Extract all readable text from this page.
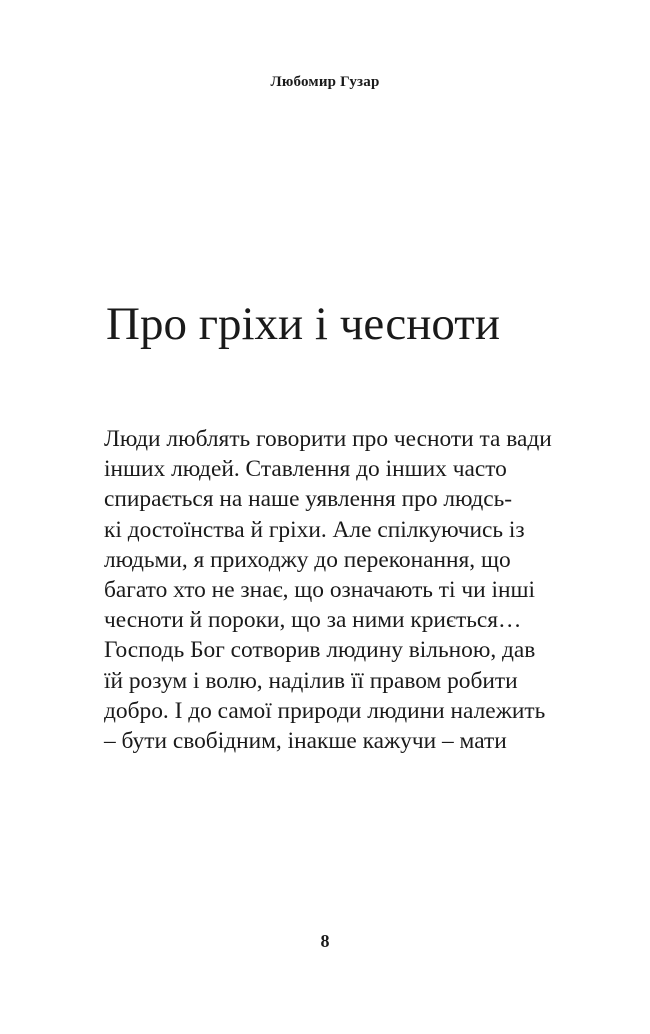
Любомир Гузар
Про гріхи і чесноти
Люди люблять говорити про чесноти та вади
інших людей. Ставлення до інших часто
спирається на наше уявлення про людсь-
кі достоїнства й гріхи. Але спілкуючись із
людьми, я приходжу до переконання, що
багато хто не знає, що означають ті чи інші
чесноти й пороки, що за ними криється…
Господь Бог сотворив людину вільною, дав
їй розум і волю, наділив її правом робити
добро. І до самої природи людини належить
– бути свобідним, інакше кажучи – мати
8
